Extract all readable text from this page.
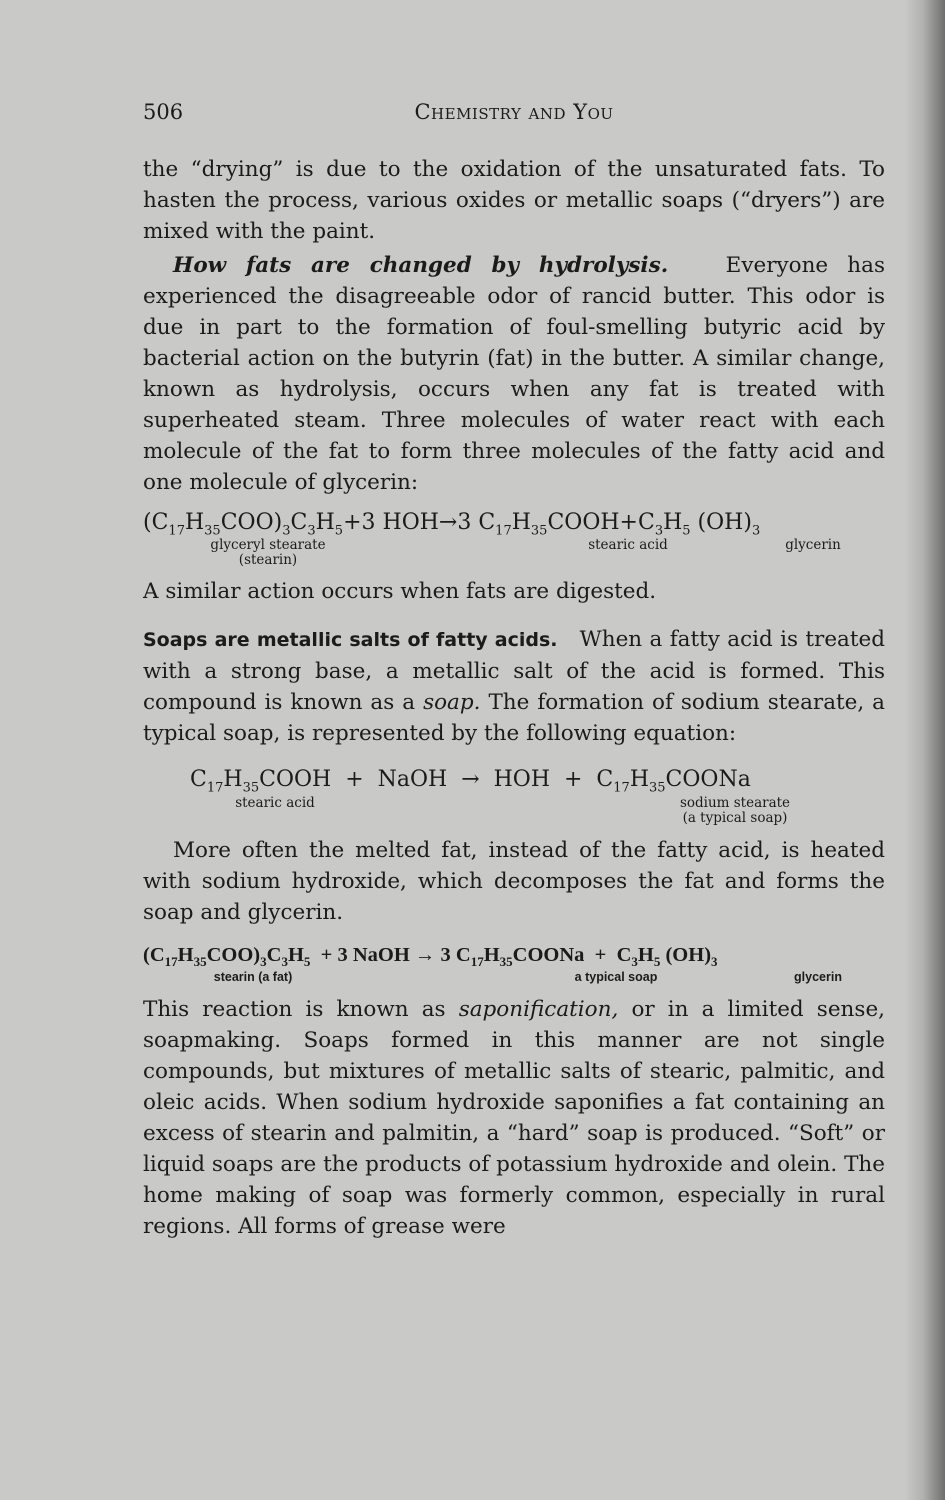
506	Chemistry and You

the “drying” is due to the oxidation of the unsaturated fats. To hasten the process, various oxides or metallic soaps (“dryers”) are mixed with the paint.

How fats are changed by hydrolysis.	Everyone has experienced the disagreeable odor of rancid butter. This odor is due in part to the formation of foul-smelling butyric acid by bacterial action on the butyrin (fat) in the butter. A similar change, known as hydrolysis, occurs when any fat is treated with superheated steam. Three molecules of water react with each molecule of the fat to form three molecules of the fatty acid and one molecule of glycerin:

$(C_{17}H_{35}COO)_3C_3H_5+3$ HOH→3 $C_{17}H_{35}COOH+C_3H_5$ $(OH)_3$
glyceryl stearate
(stearin)
stearic acid	glycerin

A similar action occurs when fats are digested.

Soaps are metallic salts of fatty acids. When a fatty acid is treated with a strong base, a metallic salt of the acid is formed. This compound is known as a soap. The formation of sodium stearate, a typical soap, is represented by the following equation:

$C_{17}H_{35}COOH$  +  NaOH  →  HOH  +  $C_{17}H_{35}COONa$
stearic acid	sodium stearate
(a typical soap)

More often the melted fat, instead of the fatty acid, is heated with sodium hydroxide, which decomposes the fat and forms the soap and glycerin.

$(C_{17}H_{35}COO)_3C_3H_5 + 3$ NaOH → 3 $C_{17}H_{35}COONa + C_3H_5$ $(OH)_3$
stearin (a fat)	a typical soap	glycerin

This reaction is known as saponification, or in a limited sense, soapmaking. Soaps formed in this manner are not single compounds, but mixtures of metallic salts of stearic, palmitic, and oleic acids. When sodium hydroxide saponifies a fat containing an excess of stearin and palmitin, a “hard” soap is produced. “Soft” or liquid soaps are the products of potassium hydroxide and olein. The home making of soap was formerly common, especially in rural regions. All forms of grease were
